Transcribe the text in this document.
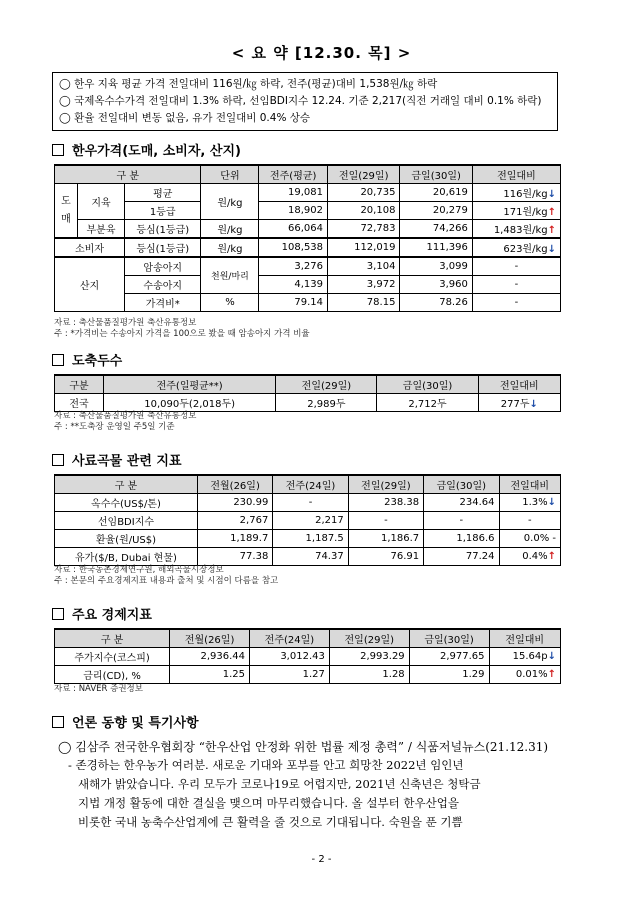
< 요 약 [12.30. 목] >
◯ 한우 지육 평균 가격 전일대비 116원/㎏ 하락, 전주(평균)대비 1,538원/㎏ 하락
◯ 국제옥수수가격 전일대비 1.3% 하락, 선임BDI지수 12.24. 기준 2,217(직전 거래일 대비 0.1% 하락)
◯ 환율 전일대비 변동 없음, 유가 전일대비 0.4% 상승
한우가격(도매, 소비자, 산지)
구 분			단위	전주(평균)	전일(29일)	금일(30일)	전일대비
도매	지육	평균	원/kg	19,081	20,735	20,619	116원/kg↓
		1등급		18,902	20,108	20,279	171원/kg↑
	부분육	등심(1등급)	원/kg	66,064	72,783	74,266	1,483원/kg↑
소비자		등심(1등급)	원/kg	108,538	112,019	111,396	623원/kg↓
산지		암송아지	천원/마리	3,276	3,104	3,099	-
		수송아지		4,139	3,972	3,960	-
		가격비*	%	79.14	78.15	78.26	-
자료 : 축산물품질평가원 축산유통정보
주 : *가격비는 수송아지 가격을 100으로 봤을 때 암송아지 가격 비율
도축두수
구분	전주(일평균**)	전일(29일)	금일(30일)	전일대비
전국	10,090두(2,018두)	2,989두	2,712두	277두↓
자료 : 축산물품질평가원 축산유통정보
주 : **도축장 운영일 주5일 기준
사료곡물 관련 지표
구 분	전월(26일)	전주(24일)	전일(29일)	금일(30일)	전일대비
옥수수(US$/톤)	230.99	-	238.38	234.64	1.3%↓
선임BDI지수	2,767	2,217	-	-	-
환율(원/US$)	1,189.7	1,187.5	1,186.7	1,186.6	0.0% -
유가($/B, Dubai 현물)	77.38	74.37	76.91	77.24	0.4%↑
자료 : 한국농촌경제연구원, 해외곡물시장정보
주 : 본문의 주요경제지표 내용과 출처 및 시점이 다름을 참고
주요 경제지표
구 분	전월(26일)	전주(24일)	전일(29일)	금일(30일)	전일대비
주가지수(코스피)	2,936.44	3,012.43	2,993.29	2,977.65	15.64p↓
금리(CD), %	1.25	1.27	1.28	1.29	0.01%↑
자료 : NAVER 증권정보
언론 동향 및 특기사항
◯ 김삼주 전국한우협회장 “한우산업 안정화 위한 법률 제정 총력” / 식품저널뉴스(21.12.31)
- 존경하는 한우농가 여러분. 새로운 기대와 포부를 안고 희망찬 2022년 임인년
새해가 밝았습니다. 우리 모두가 코로나19로 어렵지만, 2021년 신축년은 청탁금
지법 개정 활동에 대한 결실을 맺으며 마무리했습니다. 올 설부터 한우산업을
비롯한 국내 농축수산업계에 큰 활력을 줄 것으로 기대됩니다. 숙원을 푼 기쁨
- 2 -
